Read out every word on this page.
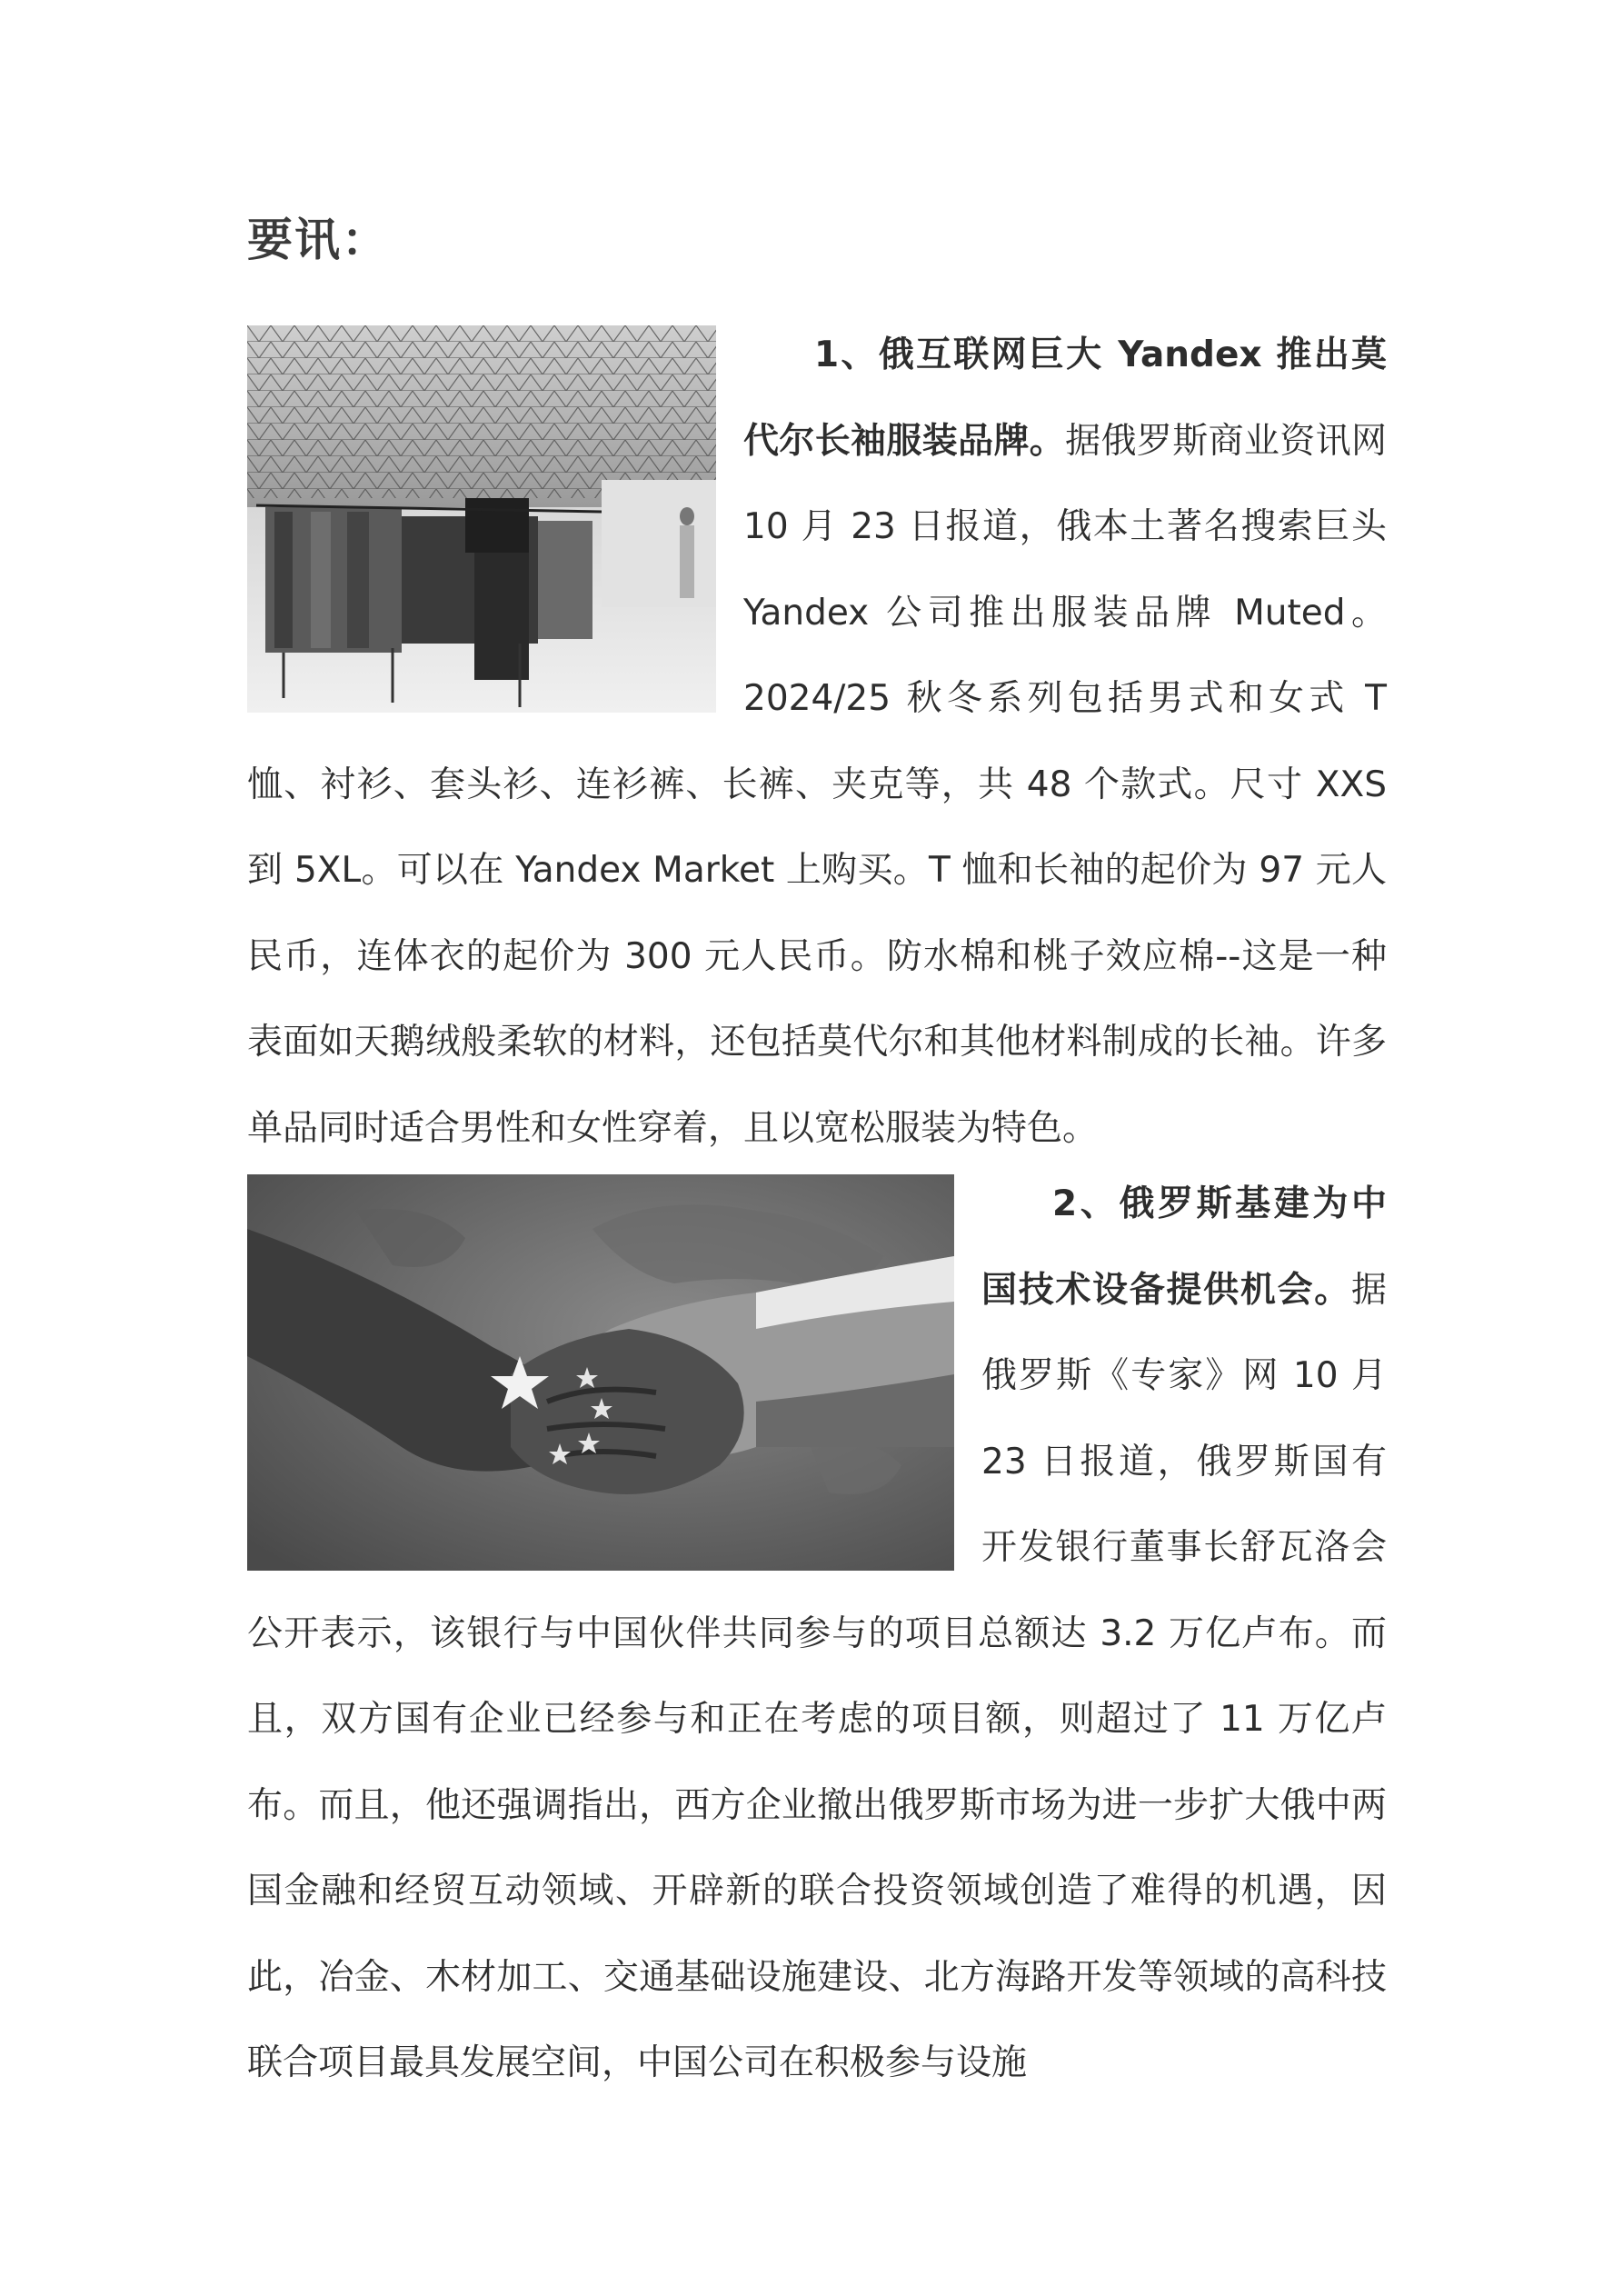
要讯：

1、俄互联网巨大 Yandex 推出莫代尔长袖服装品牌。据俄罗斯商业资讯网 10 月 23 日报道，俄本土著名搜索巨头 Yandex 公司推出服装品牌 Muted。2024/25 秋冬系列包括男式和女式 T 恤、衬衫、套头衫、连衫裤、长裤、夹克等，共 48 个款式。尺寸 XXS 到 5XL。可以在 Yandex Market 上购买。T 恤和长袖的起价为 97 元人民币，连体衣的起价为 300 元人民币。防水棉和桃子效应棉--这是一种表面如天鹅绒般柔软的材料，还包括莫代尔和其他材料制成的长袖。许多单品同时适合男性和女性穿着，且以宽松服装为特色。

2、俄罗斯基建为中国技术设备提供机会。据俄罗斯《专家》网 10 月 23 日报道，俄罗斯国有开发银行董事长舒瓦洛会公开表示，该银行与中国伙伴共同参与的项目总额达 3.2 万亿卢布。而且，双方国有企业已经参与和正在考虑的项目额，则超过了 11 万亿卢布。而且，他还强调指出，西方企业撤出俄罗斯市场为进一步扩大俄中两国金融和经贸互动领域、开辟新的联合投资领域创造了难得的机遇，因此，冶金、木材加工、交通基础设施建设、北方海路开发等领域的高科技联合项目最具发展空间，中国公司在积极参与设施
